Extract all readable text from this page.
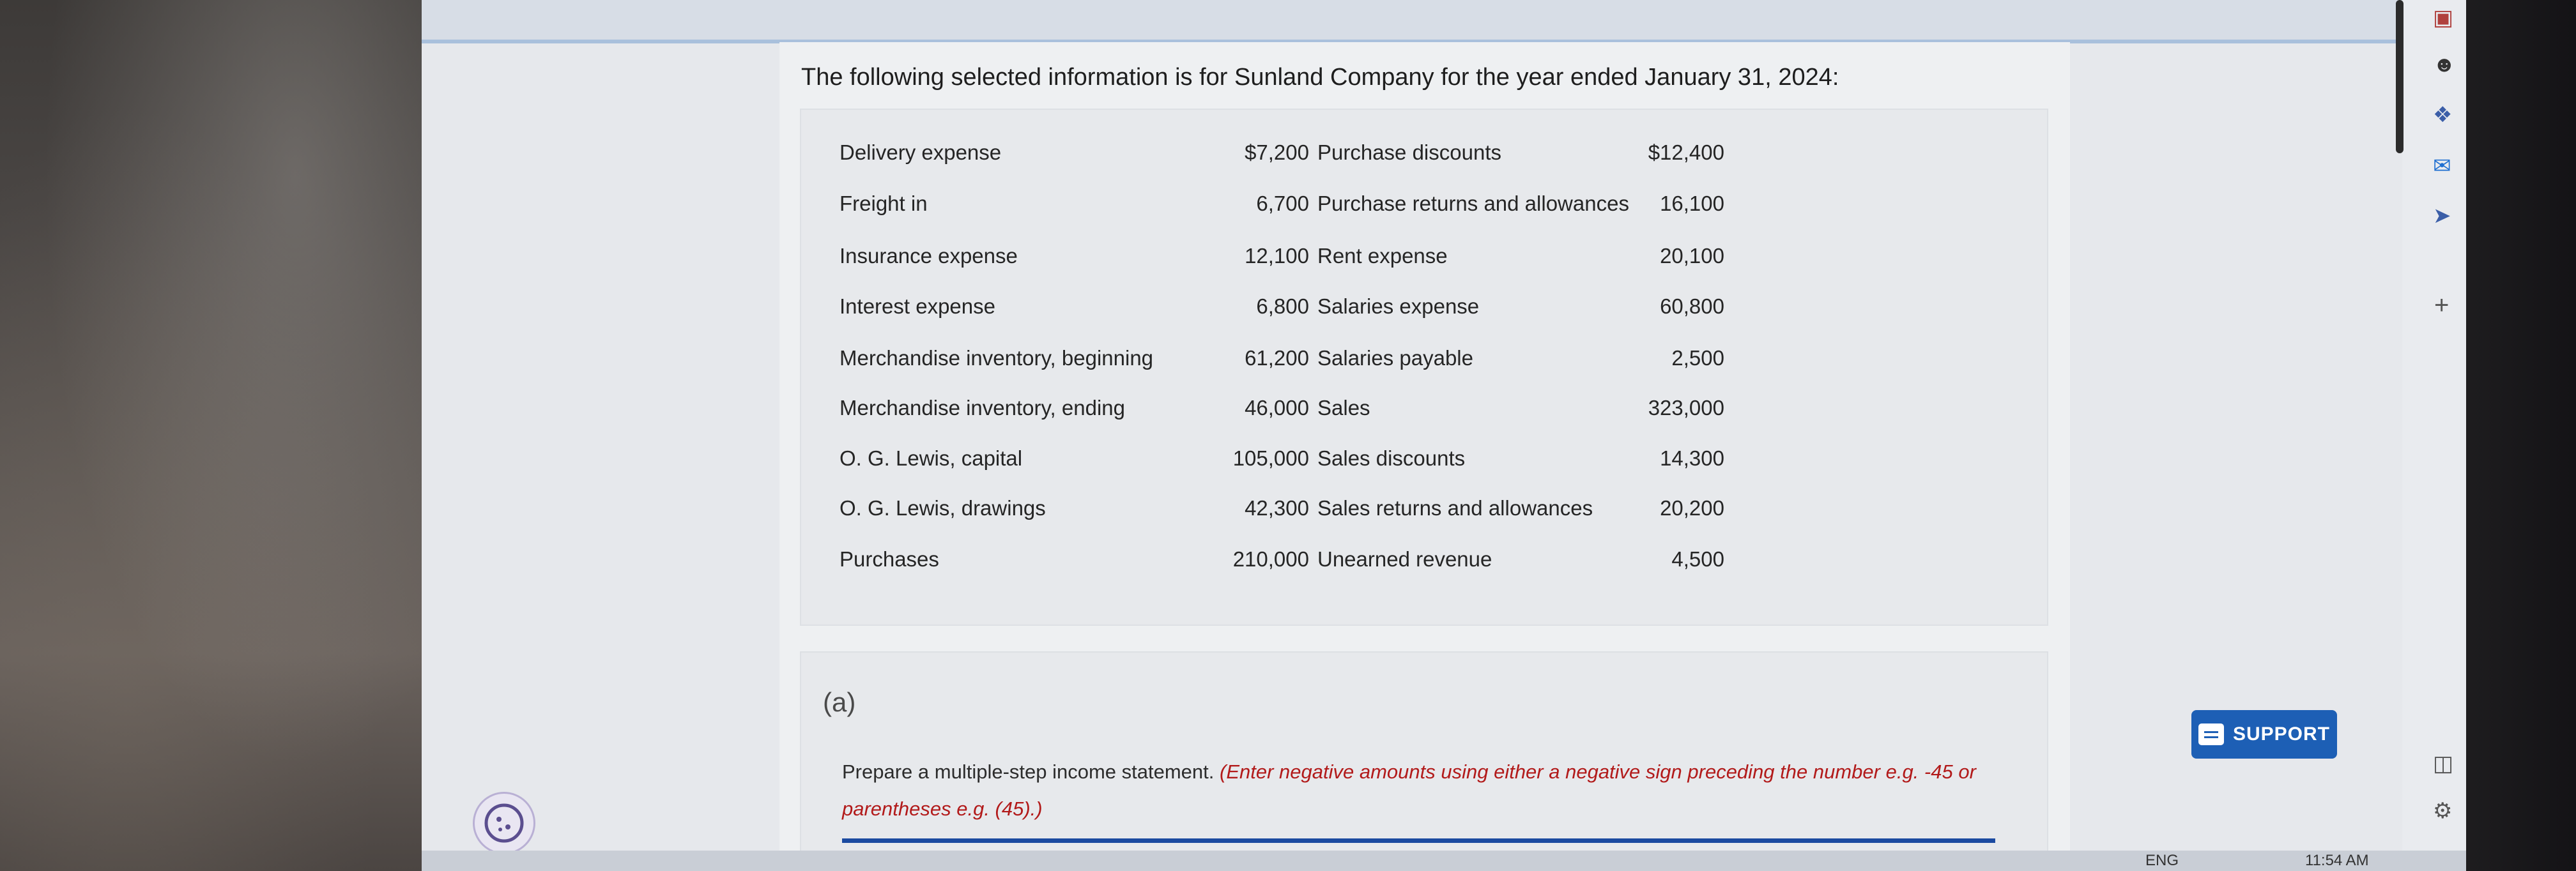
The following selected information is for Sunland Company for the year ended January 31, 2024:
Delivery expense	$7,200 Purchase discounts	$12,400
Freight in	6,700 Purchase returns and allowances 16,100
Insurance expense	12,100 Rent expense	20,100
Interest expense	6,800 Salaries expense	60,800
Merchandise inventory, beginning	61,200 Salaries payable	2,500
Merchandise inventory, ending	46,000 Sales	323,000
O. G. Lewis, capital	105,000 Sales discounts	14,300
O. G. Lewis, drawings	42,300 Sales returns and allowances	20,200
Purchases	210,000 Unearned revenue	4,500
(a)
Prepare a multiple-step income statement. (Enter negative amounts using either a negative sign preceding the number e.g. -45 or parentheses e.g. (45).)
SUPPORT
▣
☻
❖
✉
➤
+
◫
⚙
ENG	11:54 AM
